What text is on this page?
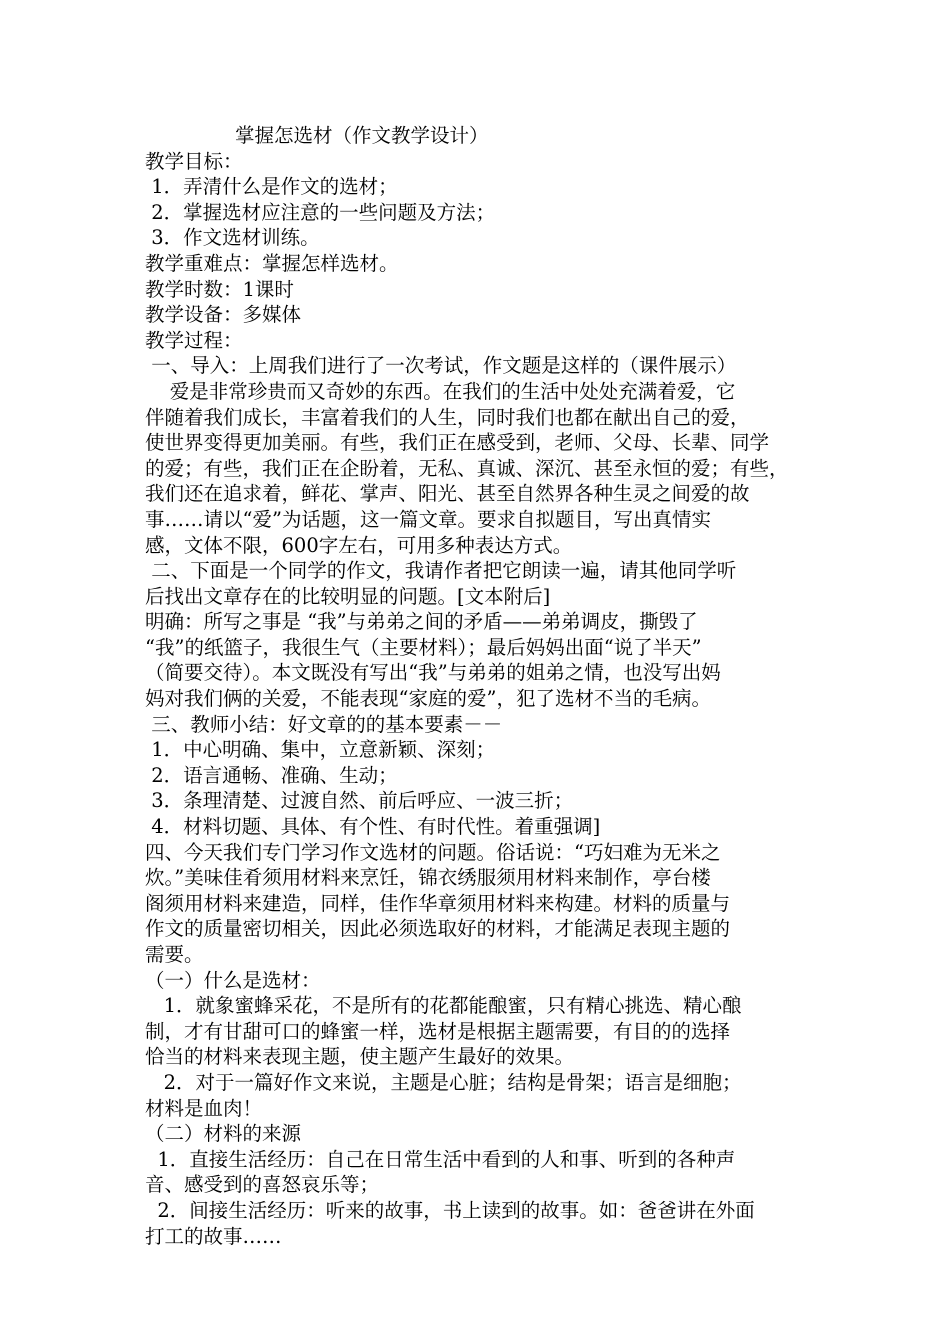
掌握怎选材（作文教学设计）
教学目标：
1．弄清什么是作文的选材；
2．掌握选材应注意的一些问题及方法；
3．作文选材训练。
教学重难点：掌握怎样选材。
教学时数：1课时
教学设备：多媒体
教学过程：
一、导入：上周我们进行了一次考试，作文题是这样的（课件展示）
爱是非常珍贵而又奇妙的东西。在我们的生活中处处充满着爱，它
伴随着我们成长，丰富着我们的人生，同时我们也都在献出自己的爱，
使世界变得更加美丽。有些，我们正在感受到，老师、父母、长辈、同学
的爱；有些，我们正在企盼着，无私、真诚、深沉、甚至永恒的爱；有些，
我们还在追求着，鲜花、掌声、阳光、甚至自然界各种生灵之间爱的故
事……请以“爱”为话题，这一篇文章。要求自拟题目，写出真情实
感，文体不限，600字左右，可用多种表达方式。
二、下面是一个同学的作文，我请作者把它朗读一遍，请其他同学听
后找出文章存在的比较明显的问题。[文本附后]
明确：所写之事是 “我”与弟弟之间的矛盾——弟弟调皮，撕毁了
“我”的纸篮子，我很生气（主要材料）；最后妈妈出面“说了半天”
（简要交待）。本文既没有写出“我”与弟弟的姐弟之情，也没写出妈
妈对我们俩的关爱，不能表现“家庭的爱”，犯了选材不当的毛病。
三、教师小结：好文章的的基本要素－－
1．中心明确、集中，立意新颖、深刻；
2．语言通畅、准确、生动；
3．条理清楚、过渡自然、前后呼应、一波三折；
4．材料切题、具体、有个性、有时代性。着重强调]
四、今天我们专门学习作文选材的问题。俗话说：“巧妇难为无米之
炊。”美味佳肴须用材料来烹饪，锦衣绣服须用材料来制作，亭台楼
阁须用材料来建造，同样，佳作华章须用材料来构建。材料的质量与
作文的质量密切相关，因此必须选取好的材料，才能满足表现主题的
需要。
（一）什么是选材：
1．就象蜜蜂采花，不是所有的花都能酿蜜，只有精心挑选、精心酿
制，才有甘甜可口的蜂蜜一样，选材是根据主题需要，有目的的选择
恰当的材料来表现主题，使主题产生最好的效果。
2．对于一篇好作文来说，主题是心脏；结构是骨架；语言是细胞；
材料是血肉！
（二）材料的来源
1．直接生活经历：自己在日常生活中看到的人和事、听到的各种声
音、感受到的喜怒哀乐等；
2．间接生活经历：听来的故事，书上读到的故事。如：爸爸讲在外面
打工的故事……
